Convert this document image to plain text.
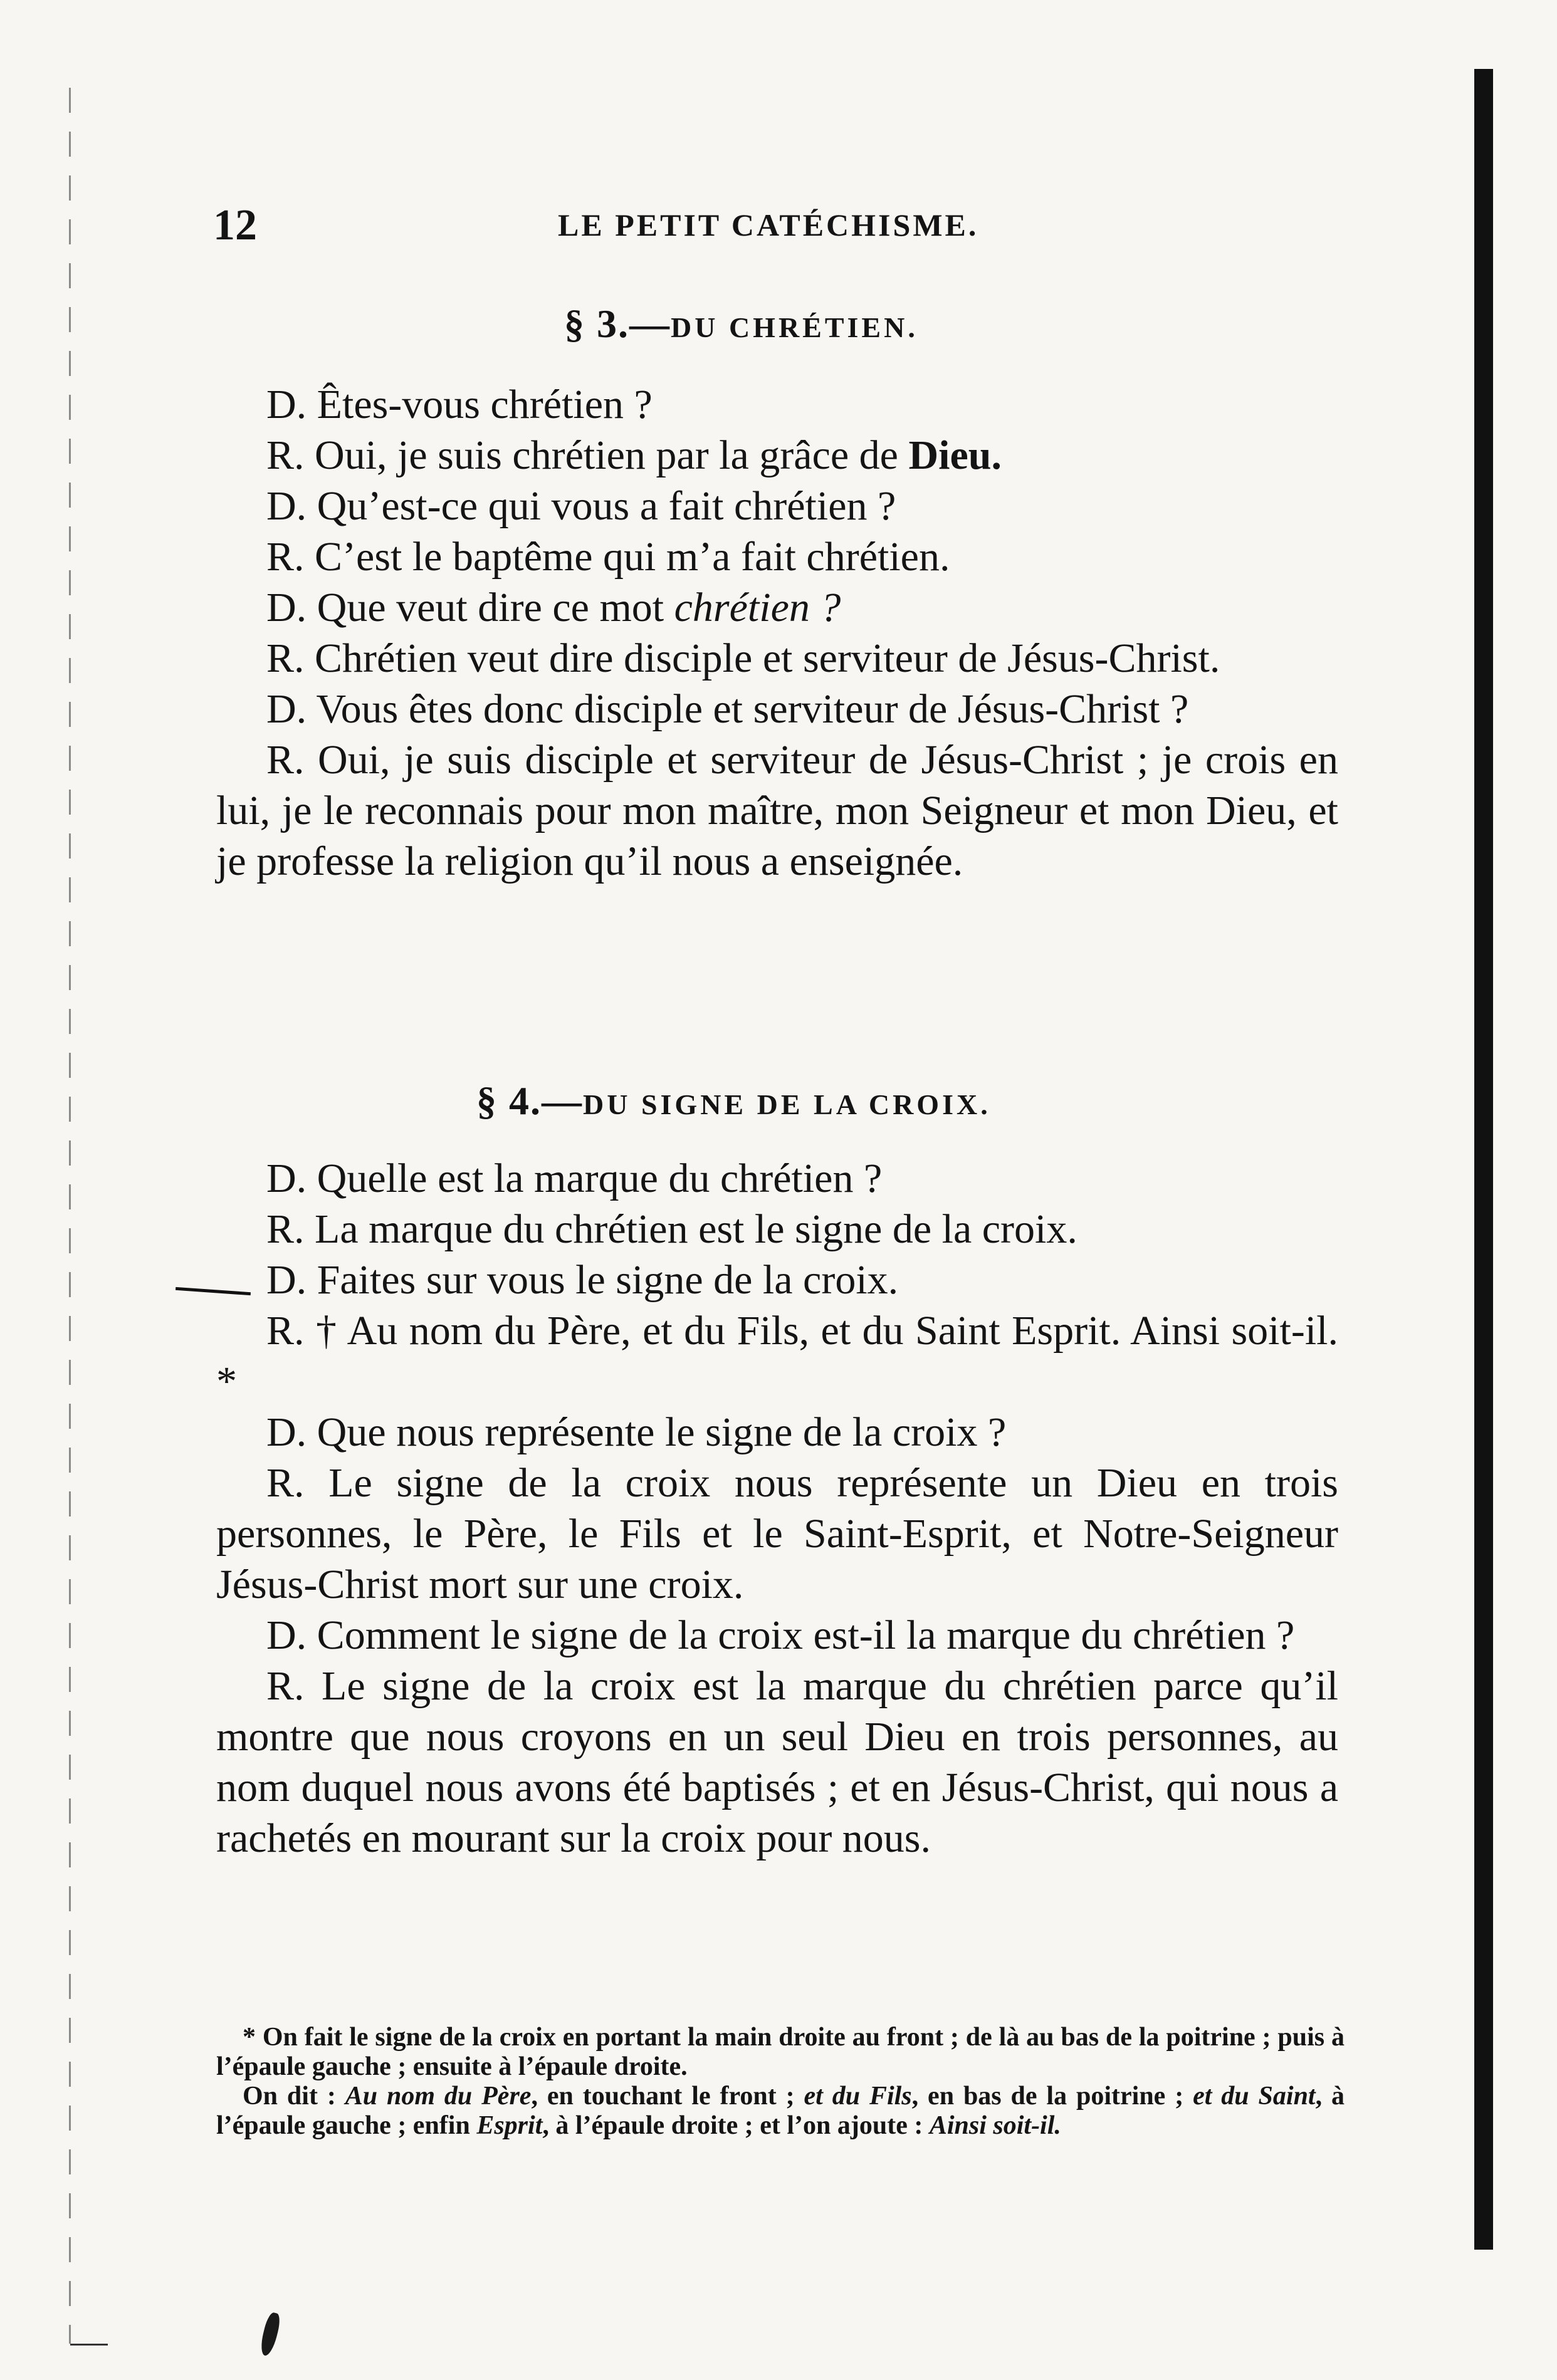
12	LE PETIT CATÉCHISME.
§ 3.—DU CHRÉTIEN.

D. Êtes-vous chrétien ?

R. Oui, je suis chrétien par la grâce de Dieu.

D. Qu’est-ce qui vous a fait chrétien ?

R. C’est le baptême qui m’a fait chrétien.

D. Que veut dire ce mot chrétien ?

R. Chrétien veut dire disciple et serviteur de Jésus-Christ.

D. Vous êtes donc disciple et serviteur de Jésus-Christ ?

R. Oui, je suis disciple et serviteur de Jésus-Christ ; je crois en lui, je le reconnais pour mon maître, mon Seigneur et mon Dieu, et je professe la religion qu’il nous a enseignée.

§ 4.—DU SIGNE DE LA CROIX.

D. Quelle est la marque du chrétien ?

R. La marque du chrétien est le signe de la croix.

D. Faites sur vous le signe de la croix.

R. † Au nom du Père, et du Fils, et du Saint Esprit. Ainsi soit-il. *

D. Que nous représente le signe de la croix ?

R. Le signe de la croix nous représente un Dieu en trois personnes, le Père, le Fils et le Saint-Esprit, et Notre-Seigneur Jésus-Christ mort sur une croix.

D. Comment le signe de la croix est-il la marque du chrétien ?

R. Le signe de la croix est la marque du chrétien parce qu’il montre que nous croyons en un seul Dieu en trois personnes, au nom duquel nous avons été baptisés ; et en Jésus-Christ, qui nous a rachetés en mourant sur la croix pour nous.

* On fait le signe de la croix en portant la main droite au front ; de là au bas de la poitrine ; puis à l’épaule gauche ; ensuite à l’épaule droite.

On dit : Au nom du Père, en touchant le front ; et du Fils, en bas de la poitrine ; et du Saint, à l’épaule gauche ; enfin Esprit, à l’épaule droite ; et l’on ajoute : Ainsi soit-il.
